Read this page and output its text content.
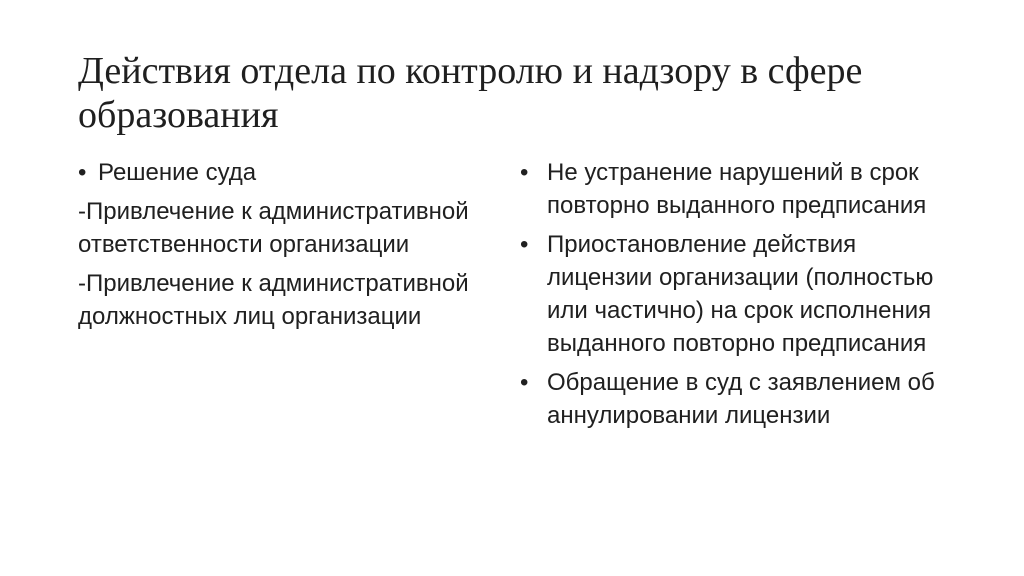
Действия отдела по контролю и надзору в сфере образования
• Решение суда
-Привлечение к административной ответственности организации
-Привлечение к административной должностных лиц организации
• Не устранение нарушений в срок повторно выданного предписания
• Приостановление действия лицензии организации (полностью или частично) на срок исполнения выданного повторно предписания
• Обращение в суд с заявлением об аннулировании лицензии
